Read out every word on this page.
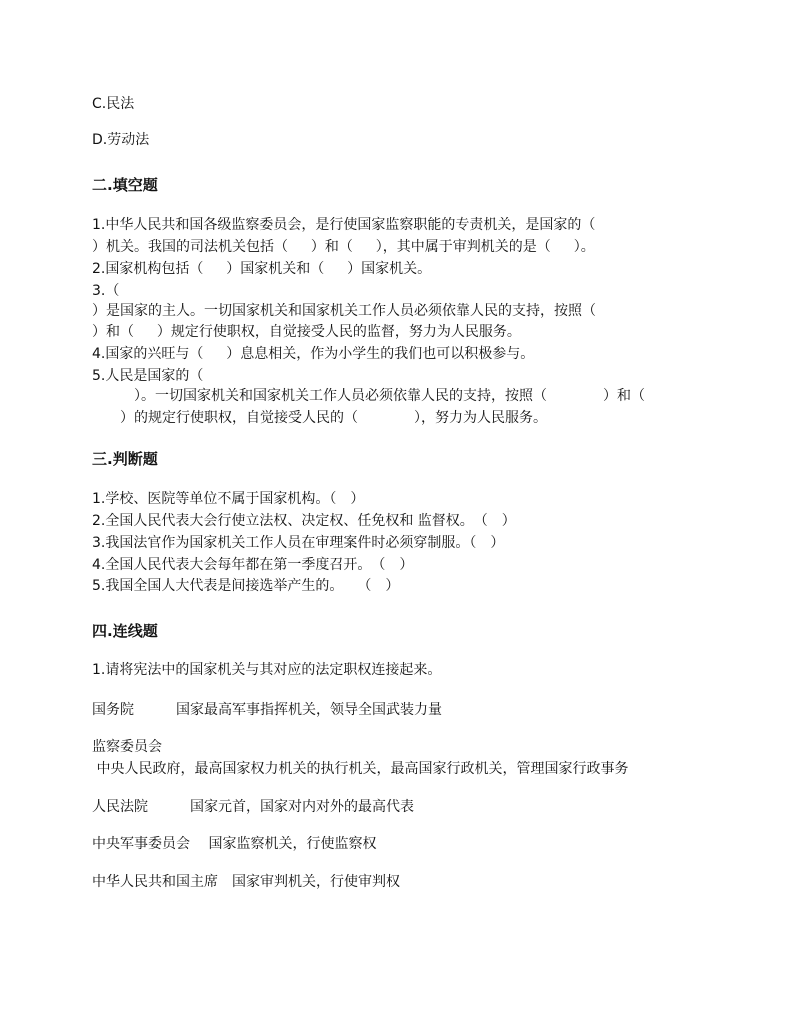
C.民法

D.劳动法

二.填空题

1.中华人民共和国各级监察委员会，是行使国家监察职能的专责机关，是国家的（

）机关。我国的司法机关包括（　  ）和（　  ），其中属于审判机关的是（　  ）。

2.国家机构包括（　  ）国家机关和（　  ）国家机关。

3.（

）是国家的主人。一切国家机关和国家机关工作人员必须依靠人民的支持，按照（

）和（　  ）规定行使职权，自觉接受人民的监督，努力为人民服务。

4.国家的兴旺与（　  ）息息相关，作为小学生的我们也可以积极参与。

5.人民是国家的（

　　　）。一切国家机关和国家机关工作人员必须依靠人民的支持，按照（　　　　）和（

　　）的规定行使职权，自觉接受人民的（　　　　），努力为人民服务。

三.判断题

1.学校、医院等单位不属于国家机构。（　）

2.全国人民代表大会行使立法权、决定权、任免权和 监督权。　（　）

3.我国法官作为国家机关工作人员在审理案件时必须穿制服。（　）

4.全国人民代表大会每年都在第一季度召开。　（　）

5.我国全国人大代表是间接选举产生的。　　（　）

四.连线题

1.请将宪法中的国家机关与其对应的法定职权连接起来。

国务院　　　国家最高军事指挥机关，领导全国武装力量

监察委员会

中央人民政府，最高国家权力机关的执行机关，最高国家行政机关，管理国家行政事务

人民法院　　　国家元首，国家对内对外的最高代表

中央军事委员会　 国家监察机关，行使监察权

中华人民共和国主席　国家审判机关，行使审判权
